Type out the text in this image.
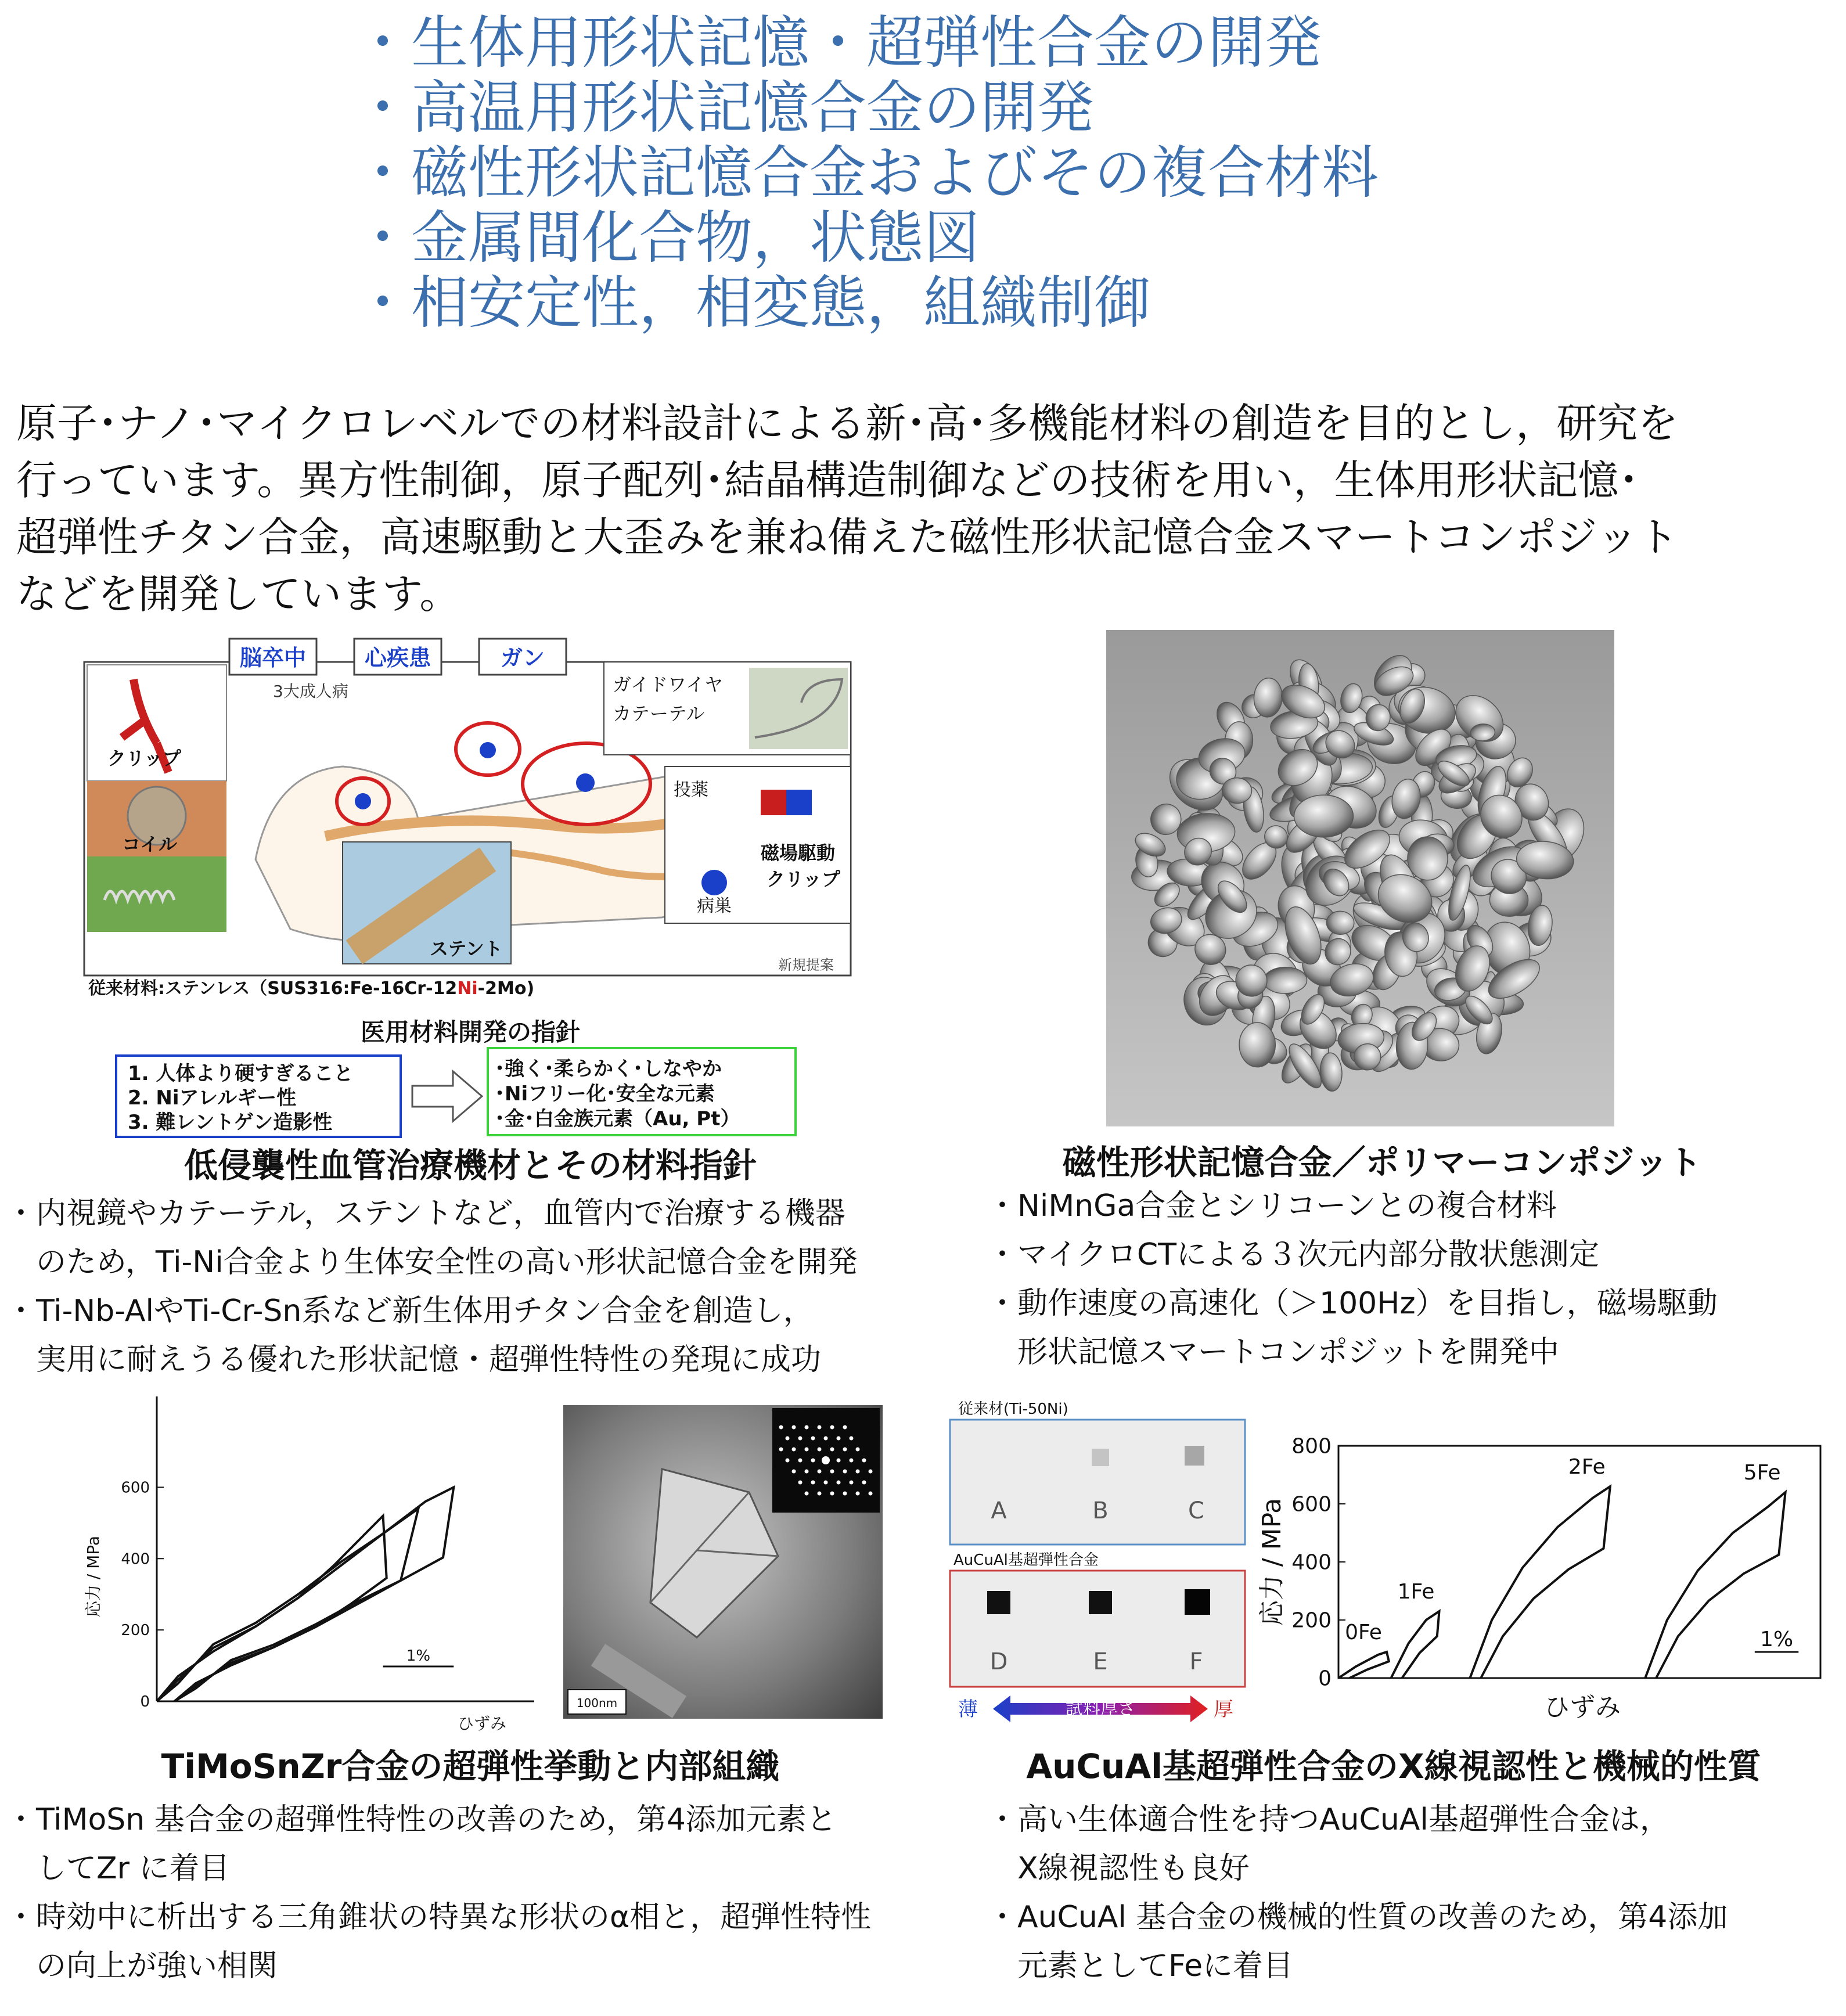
・生体用形状記憶・超弾性合金の開発
・高温用形状記憶合金の開発
・磁性形状記憶合金およびその複合材料
・金属間化合物，状態図
・相安定性，相変態，組織制御

原子･ナノ･マイクロレベルでの材料設計による新･高･多機能材料の創造を目的とし，研究を

行っています。異方性制御，原子配列･結晶構造制御などの技術を用い，生体用形状記憶･

超弾性チタン合金，高速駆動と大歪みを兼ね備えた磁性形状記憶合金スマートコンポジット

などを開発しています。

脳卒中	心疾患	ガン
3大成人病
クリップ
コイル
ステント
ガイドワイヤ
カテーテル
投薬
病巣
磁場駆動
クリップ
新規提案
従来材料:ステンレス（SUS316:Fe-16Cr-12Ni-2Mo)
医用材料開発の指針
1. 人体より硬すぎること
2. Niアレルギー性
3. 難レントゲン造影性
･強く･柔らかく･しなやか
･Niフリー化･安全な元素
･金･白金族元素（Au, Pt）
低侵襲性血管治療機材とその材料指針
・内視鏡やカテーテル，ステントなど，血管内で治療する機器
　のため，Ti-Ni合金より生体安全性の高い形状記憶合金を開発
・Ti-Nb-AlやTi-Cr-Sn系など新生体用チタン合金を創造し，
　実用に耐えうる優れた形状記憶・超弾性特性の発現に成功
磁性形状記憶合金／ポリマーコンポジット
・NiMnGa合金とシリコーンとの複合材料
・マイクロCTによる３次元内部分散状態測定
・動作速度の高速化（＞100Hz）を目指し，磁場駆動
　形状記憶スマートコンポジットを開発中
0
200
400
600
応力 / MPa
ひずみ
1%
100nm
従来材(Ti-50Ni)
A	B	C
AuCuAl基超弾性合金
D	E	F
薄	試料厚さ	厚
0
200
400
600
800
応力 / MPa
ひずみ
1%
0Fe
1Fe
2Fe	5Fe
TiMoSnZr合金の超弾性挙動と内部組織
・TiMoSn 基合金の超弾性特性の改善のため，第4添加元素と
　してZr に着目
・時効中に析出する三角錐状の特異な形状のα相と，超弾性特性
　の向上が強い相関
AuCuAl基超弾性合金のX線視認性と機械的性質
・高い生体適合性を持つAuCuAl基超弾性合金は，
　X線視認性も良好
・AuCuAl 基合金の機械的性質の改善のため，第4添加
　元素としてFeに着目
